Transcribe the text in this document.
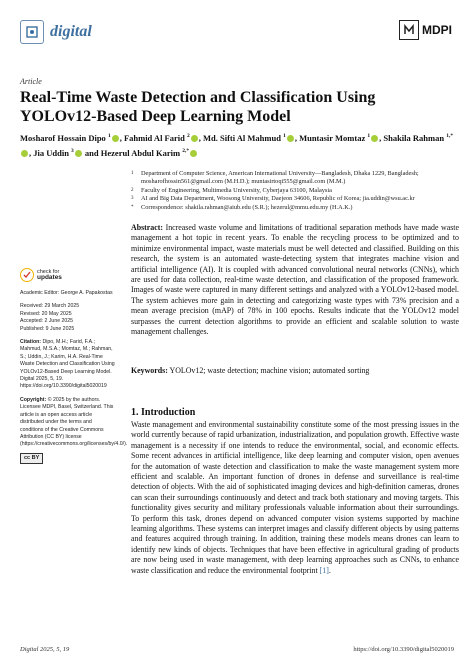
digital	MDPI
Article
Real-Time Waste Detection and Classification Using YOLOv12-Based Deep Learning Model
Mosharof Hossain Dipo $^1$ , Fahmid Al Farid $^2$ , Md. Sifti Al Mahmud $^1$ , Muntasir Momtaz $^1$ , Shakila Rahman $^{1,*}$, Jia Uddin $^3$ and Hezerul Abdul Karim $^{2,*}$
1	Department of Computer Science, American International University—Bangladesh, Dhaka 1229, Bangladesh; mosharofhossin561@gmail.com (M.H.D.); muntasirtoqi555@gmail.com (M.M.)
2	Faculty of Engineering, Multimedia University, Cyberjaya 63100, Malaysia
3	AI and Big Data Department, Woosong University, Daejeon 34606, Republic of Korea; jia.uddin@wsu.ac.kr
*	Correspondence: shakila.rahman@aiub.edu (S.R.); hezerul@mmu.edu.my (H.A.K.)
Abstract: Increased waste volume and limitations of traditional separation methods have made waste management a hot topic in recent years. To enable the recycling process to be optimized and to minimize environmental impact, waste materials must be well detected and classified. Building on this research, the system is an automated waste-detecting system that integrates machine vision and artificial intelligence (AI). It is coupled with advanced convolutional neural networks (CNNs), which are used for data collection, real-time waste detection, and classification of the proposed framework. Images of waste were captured in many different settings and analyzed with a YOLOv12-based model. The system achieves more gain in detecting and categorizing waste types with 73% precision and a mean average precision (mAP) of 78% in 100 epochs. Results indicate that the YOLOv12 model surpasses the current detection algorithms to provide an efficient and scalable solution to waste management challenges.
Keywords: YOLOv12; waste detection; machine vision; automated sorting
check for
updates
Academic Editor: George A. Papakostas
Received: 29 March 2025
Revised: 20 May 2025
Accepted: 2 June 2025
Published: 9 June 2025
Citation: Dipo, M.H.; Farid, F.A.; Mahmud, M.S.A.; Momtaz, M.; Rahman, S.; Uddin, J.; Karim, H.A. Real-Time Waste Detection and Classification Using YOLOv12-Based Deep Learning Model. Digital 2025, 5, 19. https://doi.org/10.3390/digital5020019
Copyright: © 2025 by the authors. Licensee MDPI, Basel, Switzerland. This article is an open access article distributed under the terms and conditions of the Creative Commons Attribution (CC BY) license (https://creativecommons.org/licenses/by/4.0/).
cc BY
1. Introduction
Waste management and environmental sustainability constitute some of the most pressing issues in the world currently because of rapid urbanization, industrialization, and population growth. Effective waste management is a necessity if one intends to reduce the environmental, social, and economic effects. Some recent advances in artificial intelligence, like deep learning and computer vision, open avenues for the automation of waste detection and classification to make the waste management system more efficient and scalable. An important function of drones in defense and surveillance is real-time detection of objects. With the aid of sophisticated imaging devices and high-definition cameras, drones can scan their surroundings continuously and detect and track both stationary and moving targets. This functionality gives security and military professionals valuable information about their surroundings. To perform this task, drones depend on advanced computer vision systems supported by machine learning algorithms. These systems can interpret images and classify different objects by using patterns and features acquired through training. In addition, training these models means drones can learn to identify new kinds of objects. Techniques that have been effective in agricultural grading of products are now being used in waste management, with deep learning approaches such as CNNs, to enhance waste classification and reduce the environmental footprint [1].
Digital 2025, 5, 19	https://doi.org/10.3390/digital5020019
